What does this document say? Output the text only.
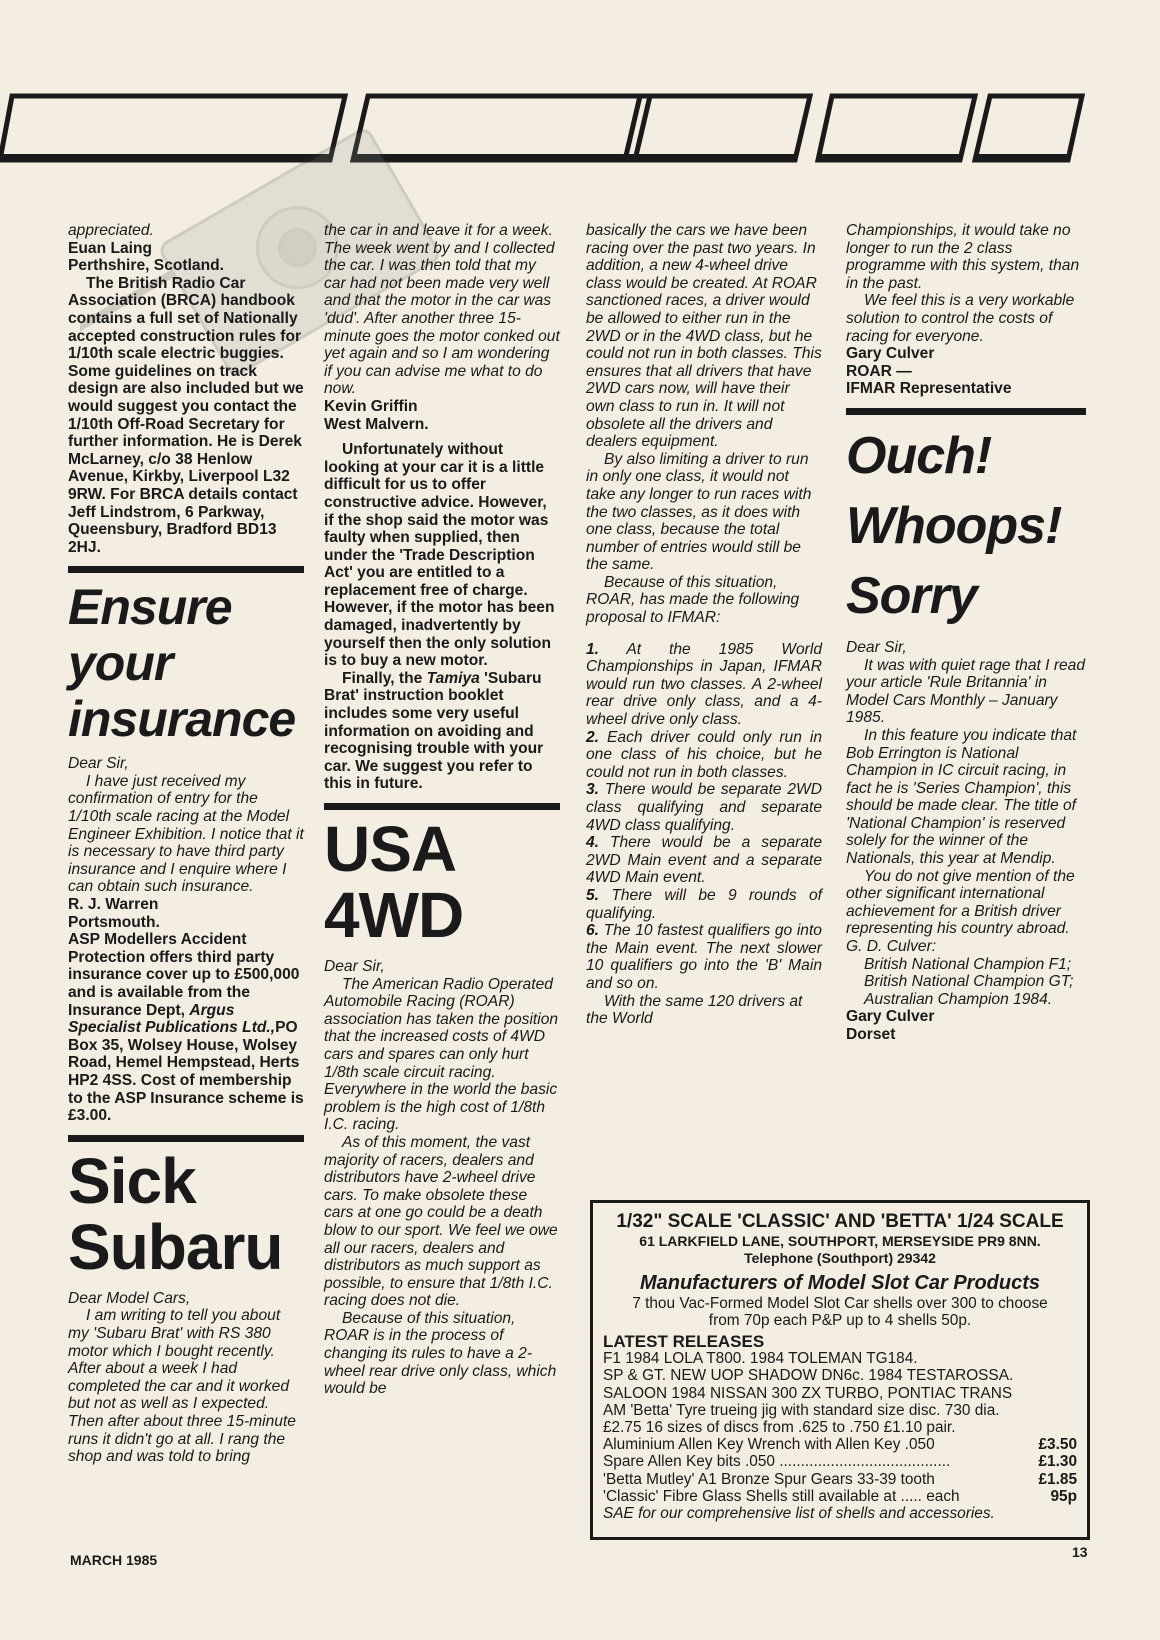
appreciated.

Euan Laing

Perthshire, Scotland.

The British Radio Car Association (BRCA) handbook contains a full set of Nationally accepted construction rules for 1/10th scale electric buggies. Some guidelines on track design are also included but we would suggest you contact the 1/10th Off-Road Secretary for further information. He is Derek McLarney, c/o 38 Henlow Avenue, Kirkby, Liverpool L32 9RW. For BRCA details contact Jeff Lindstrom, 6 Parkway, Queensbury, Bradford BD13 2HJ.

Ensure
your
insurance

Dear Sir,

I have just received my confirmation of entry for the 1/10th scale racing at the Model Engineer Exhibition. I notice that it is necessary to have third party insurance and I enquire where I can obtain such insurance.

R. J. Warren

Portsmouth.

ASP Modellers Accident Protection offers third party insurance cover up to £500,000 and is available from the Insurance Dept, Argus Specialist Publications Ltd.,PO Box 35, Wolsey House, Wolsey Road, Hemel Hempstead, Herts HP2 4SS. Cost of membership to the ASP Insurance scheme is £3.00.

Sick
Subaru

Dear Model Cars,

I am writing to tell you about my 'Subaru Brat' with RS 380 motor which I bought recently. After about a week I had completed the car and it worked but not as well as I expected. Then after about three 15-minute runs it didn't go at all. I rang the shop and was told to bring

the car in and leave it for a week. The week went by and I collected the car. I was then told that my car had not been made very well and that the motor in the car was 'dud'. After another three 15-minute goes the motor conked out yet again and so I am wondering if you can advise me what to do now.

Kevin Griffin

West Malvern.

Unfortunately without looking at your car it is a little difficult for us to offer constructive advice. However, if the shop said the motor was faulty when supplied, then under the 'Trade Description Act' you are entitled to a replacement free of charge. However, if the motor has been damaged, inadvertently by yourself then the only solution is to buy a new motor.

Finally, the Tamiya 'Subaru Brat' instruction booklet includes some very useful information on avoiding and recognising trouble with your car. We suggest you refer to this in future.

USA
4WD

Dear Sir,

The American Radio Operated Automobile Racing (ROAR) association has taken the position that the increased costs of 4WD cars and spares can only hurt 1/8th scale circuit racing. Everywhere in the world the basic problem is the high cost of 1/8th I.C. racing.

As of this moment, the vast majority of racers, dealers and distributors have 2-wheel drive cars. To make obsolete these cars at one go could be a death blow to our sport. We feel we owe all our racers, dealers and distributors as much support as possible, to ensure that 1/8th I.C. racing does not die.

Because of this situation, ROAR is in the process of changing its rules to have a 2-wheel rear drive only class, which would be

basically the cars we have been racing over the past two years. In addition, a new 4-wheel drive class would be created. At ROAR sanctioned races, a driver would be allowed to either run in the 2WD or in the 4WD class, but he could not run in both classes. This ensures that all drivers that have 2WD cars now, will have their own class to run in. It will not obsolete all the drivers and dealers equipment.

By also limiting a driver to run in only one class, it would not take any longer to run races with the two classes, as it does with one class, because the total number of entries would still be the same.

Because of this situation, ROAR, has made the following proposal to IFMAR:

1. At the 1985 World Championships in Japan, IFMAR would run two classes. A 2-wheel rear drive only class, and a 4-wheel drive only class.

2. Each driver could only run in one class of his choice, but he could not run in both classes.

3. There would be separate 2WD class qualifying and separate 4WD class qualifying.

4. There would be a separate 2WD Main event and a separate 4WD Main event.

5. There will be 9 rounds of qualifying.

6. The 10 fastest qualifiers go into the Main event. The next slower 10 qualifiers go into the 'B' Main and so on.

With the same 120 drivers at the World

Championships, it would take no longer to run the 2 class programme with this system, than in the past.

We feel this is a very workable solution to control the costs of racing for everyone.

Gary Culver

ROAR —

IFMAR Representative

Ouch!
Whoops!
Sorry

Dear Sir,

It was with quiet rage that I read your article 'Rule Britannia' in Model Cars Monthly – January 1985.

In this feature you indicate that Bob Errington is National Champion in IC circuit racing, in fact he is 'Series Champion', this should be made clear. The title of 'National Champion' is reserved solely for the winner of the Nationals, this year at Mendip.

You do not give mention of the other significant international achievement for a British driver representing his country abroad.

G. D. Culver:

British National Champion F1;

British National Champion GT;

Australian Champion 1984.

Gary Culver

Dorset

1/32" SCALE 'CLASSIC' AND 'BETTA' 1/24 SCALE
61 LARKFIELD LANE, SOUTHPORT, MERSEYSIDE PR9 8NN.
Telephone (Southport) 29342
Manufacturers of Model Slot Car Products
7 thou Vac-Formed Model Slot Car shells over 300 to choose
from 70p each P&P up to 4 shells 50p.
LATEST RELEASES
F1 1984 LOLA T800. 1984 TOLEMAN TG184.
SP & GT. NEW UOP SHADOW DN6c. 1984 TESTAROSSA.
SALOON 1984 NISSAN 300 ZX TURBO, PONTIAC TRANS
AM 'Betta' Tyre trueing jig with standard size disc. 730 dia.
£2.75 16 sizes of discs from .625 to .750 £1.10 pair.
Aluminium Allen Key Wrench with Allen Key .050	£3.50
Spare Allen Key bits .050 ........................................	£1.30
'Betta Mutley' A1 Bronze Spur Gears 33-39 tooth	£1.85
'Classic' Fibre Glass Shells still available at ..... each	95p
SAE for our comprehensive list of shells and accessories.
MARCH 1985	13
